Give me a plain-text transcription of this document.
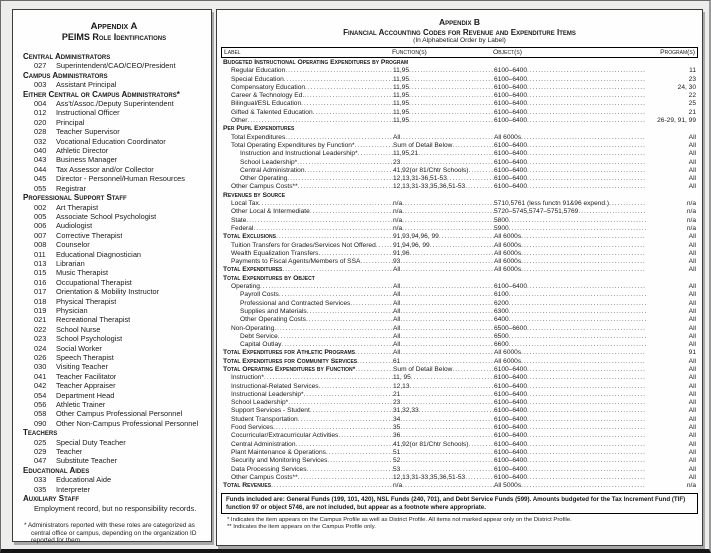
Appendix A
PEIMS Role Identifications
Central Administrators
027	Superintendent/CAO/CEO/President
Campus Administrators
003	Assistant Principal
Either Central or Campus Administrators*
004	Ass't/Assoc./Deputy Superintendent
012	Instructional Officer
020	Principal
028	Teacher Supervisor
032	Vocational Education Coordinator
040	Athletic Director
043	Business Manager
044	Tax Assessor and/or Collector
045	Director - Personnel/Human Resources
055	Registrar
Professional Support Staff
002	Art Therapist
005	Associate School Psychologist
006	Audiologist
007	Corrective Therapist
008	Counselor
011	Educational Diagnostician
013	Librarian
015	Music Therapist
016	Occupational Therapist
017	Orientation & Mobility Instructor
018	Physical Therapist
019	Physician
021	Recreational Therapist
022	School Nurse
023	School Psychologist
024	Social Worker
026	Speech Therapist
030	Visiting Teacher
041	Teacher Facilitator
042	Teacher Appraiser
054	Department Head
056	Athletic Trainer
058	Other Campus Professional Personnel
090	Other Non-Campus Professional Personnel
Teachers
025	Special Duty Teacher
029	Teacher
047	Substitute Teacher
Educational Aides
033	Educational Aide
035	Interpreter
Auxiliary Staff
Employment record, but no responsibility records.
* Administrators reported with these roles are categorized as central office or campus, depending on the organization ID reported for them.
Appendix B
Financial Accounting Codes for Revenue and Expenditure Items
(In Alphabetical Order by Label)
Label	Function(s)	Object(s)	Program(s)
Budgeted Instructional Operating Expenditures by Program
Regular Education .....	11,95 .....	6100–6400 .....	11
Special Education .....	11,95 .....	6100–6400 .....	23
Compensatory Education .....	11,95 .....	6100–6400 .....	24, 30
Career & Technology Ed. .....	11,95 .....	6100–6400 .....	22
Bilingual/ESL Education .....	11,95 .....	6100–6400 .....	25
Gifted & Talented Education .....	11,95 .....	6100–6400 .....	21
Other .....	11,95 .....	6100–6400 .....	26-29, 91, 99
Per Pupil Expenditures
Total Expenditures .....	All .....	All 6000s .....	All
Total Operating Expenditures by Function* .....	Sum of Detail Below .....	6100–6400 .....	All
Instruction and Instructional Leadership* .....	11,95,21 .....	6100–6400 .....	All
School Leadership* .....	23 .....	6100–6400 .....	All
Central Administration .....	41,92(or 81/Chtr Schools) .....	6100–6400 .....	All
Other Operating .....	12,13,31-36,51-53 .....	6100–6400 .....	All
Other Campus Costs** .....	12,13,31-33,35,36,51-53 .....	6100–6400 .....	All
Revenues by Source
Local Tax .....	n/a .....	5710,5761 (less functn 91&96 expend.) .....	n/a
Other Local & Intermediate .....	n/a .....	5720–5745,5747–5751,5769 .....	n/a
State .....	n/a .....	5800 .....	n/a
Federal .....	n/a .....	5900 .....	n/a
Total Exclusions .....	91,93,94,96, 99 .....	All 6000s .....	All
Tuition Transfers for Grades/Services Not Offered .....	91,94,96, 99 .....	All 6000s .....	All
Wealth Equalization Transfers .....	91,96 .....	All 6000s .....	All
Payments to Fiscal Agents/Members of SSA .....	93 .....	All 6000s .....	All
Total Expenditures .....	All .....	All 6000s .....	All
Total Expenditures by Object
Operating .....	All .....	6100–6400 .....	All
Payroll Costs .....	All .....	6100 .....	All
Professional and Contracted Services .....	All .....	6200 .....	All
Supplies and Materials .....	All .....	6300 .....	All
Other Operating Costs .....	All .....	6400 .....	All
Non-Operating .....	All .....	6500–6600 .....	All
Debt Service .....	All .....	6500 .....	All
Capital Outlay .....	All .....	6600 .....	All
Total Expenditures for Athletic Programs .....	All .....	All 6000s .....	91
Total Expenditures for Community Services .....	61 .....	All 6000s .....	All
Total Operating Expenditures by Function* .....	Sum of Detail Below .....	6100–6400 .....	All
Instruction* .....	11, 95 .....	6100–6400 .....	All
Instructional-Related Services .....	12,13 .....	6100–6400 .....	All
Instructional Leadership* .....	21 .....	6100–6400 .....	All
School Leadership* .....	23 .....	6100–6400 .....	All
Support Services - Student .....	31,32,33 .....	6100–6400 .....	All
Student Transportation .....	34 .....	6100–6400 .....	All
Food Services .....	35 .....	6100–6400 .....	All
Cocurricular/Extracurricular Activities .....	36 .....	6100–6400 .....	All
Central Administration .....	41,92(or 81/Chtr Schools) .....	6100–6400 .....	All
Plant Maintenance & Operations .....	51 .....	6100–6400 .....	All
Security and Monitoring Services .....	52 .....	6100–6400 .....	All
Data Processing Services .....	53 .....	6100–6400 .....	All
Other Campus Costs** .....	12,13,31-33,35,36,51-53 .....	6100–6400 .....	All
Total Revenues .....	n/a .....	All 5000s .....	n/a
Funds included are: General Funds (199, 101, 420), NSL Funds (240, 701), and Debt Service Funds (599). Amounts budgeted for the Tax Increment Fund (TIF) function 97 or object 5746, are not included, but appear as a footnote where appropriate.
* Indicates the item appears on the Campus Profile as well as District Profile. All items not marked appear only on the District Profile.
** Indicates the item appears on the Campus Profile only.
